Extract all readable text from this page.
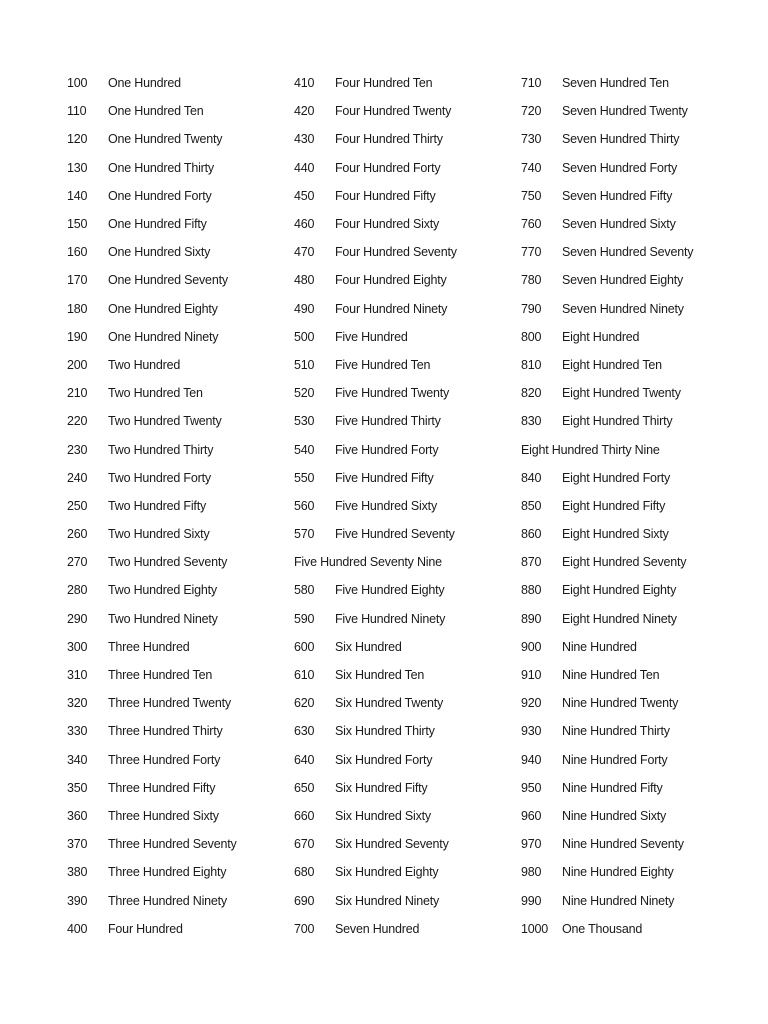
100	One Hundred
110	One Hundred Ten
120	One Hundred Twenty
130	One Hundred Thirty
140	One Hundred Forty
150	One Hundred Fifty
160	One Hundred Sixty
170	One Hundred Seventy
180	One Hundred Eighty
190	One Hundred Ninety
200	Two Hundred
210	Two Hundred Ten
220	Two Hundred Twenty
230	Two Hundred Thirty
240	Two Hundred Forty
250	Two Hundred Fifty
260	Two Hundred Sixty
270	Two Hundred Seventy
280	Two Hundred Eighty
290	Two Hundred Ninety
300	Three Hundred
310	Three Hundred Ten
320	Three Hundred Twenty
330	Three Hundred Thirty
340	Three Hundred Forty
350	Three Hundred Fifty
360	Three Hundred Sixty
370	Three Hundred Seventy
380	Three Hundred Eighty
390	Three Hundred Ninety
400	Four Hundred
410	Four Hundred Ten
420	Four Hundred Twenty
430	Four Hundred Thirty
440	Four Hundred Forty
450	Four Hundred Fifty
460	Four Hundred Sixty
470	Four Hundred Seventy
480	Four Hundred Eighty
490	Four Hundred Ninety
500	Five Hundred
510	Five Hundred Ten
520	Five Hundred Twenty
530	Five Hundred Thirty
540	Five Hundred Forty
550	Five Hundred Fifty
560	Five Hundred Sixty
570	Five Hundred Seventy
Five Hundred Seventy Nine
580	Five Hundred Eighty
590	Five Hundred Ninety
600	Six Hundred
610	Six Hundred Ten
620	Six Hundred Twenty
630	Six Hundred Thirty
640	Six Hundred Forty
650	Six Hundred Fifty
660	Six Hundred Sixty
670	Six Hundred Seventy
680	Six Hundred Eighty
690	Six Hundred Ninety
700	Seven Hundred
710	Seven Hundred Ten
720	Seven Hundred Twenty
730	Seven Hundred Thirty
740	Seven Hundred Forty
750	Seven Hundred Fifty
760	Seven Hundred Sixty
770	Seven Hundred Seventy
780	Seven Hundred Eighty
790	Seven Hundred Ninety
800	Eight Hundred
810	Eight Hundred Ten
820	Eight Hundred Twenty
830	Eight Hundred Thirty
Eight Hundred Thirty Nine
840	Eight Hundred Forty
850	Eight Hundred Fifty
860	Eight Hundred Sixty
870	Eight Hundred Seventy
880	Eight Hundred Eighty
890	Eight Hundred Ninety
900	Nine Hundred
910	Nine Hundred Ten
920	Nine Hundred Twenty
930	Nine Hundred Thirty
940	Nine Hundred Forty
950	Nine Hundred Fifty
960	Nine Hundred Sixty
970	Nine Hundred Seventy
980	Nine Hundred Eighty
990	Nine Hundred Ninety
1000	One Thousand
